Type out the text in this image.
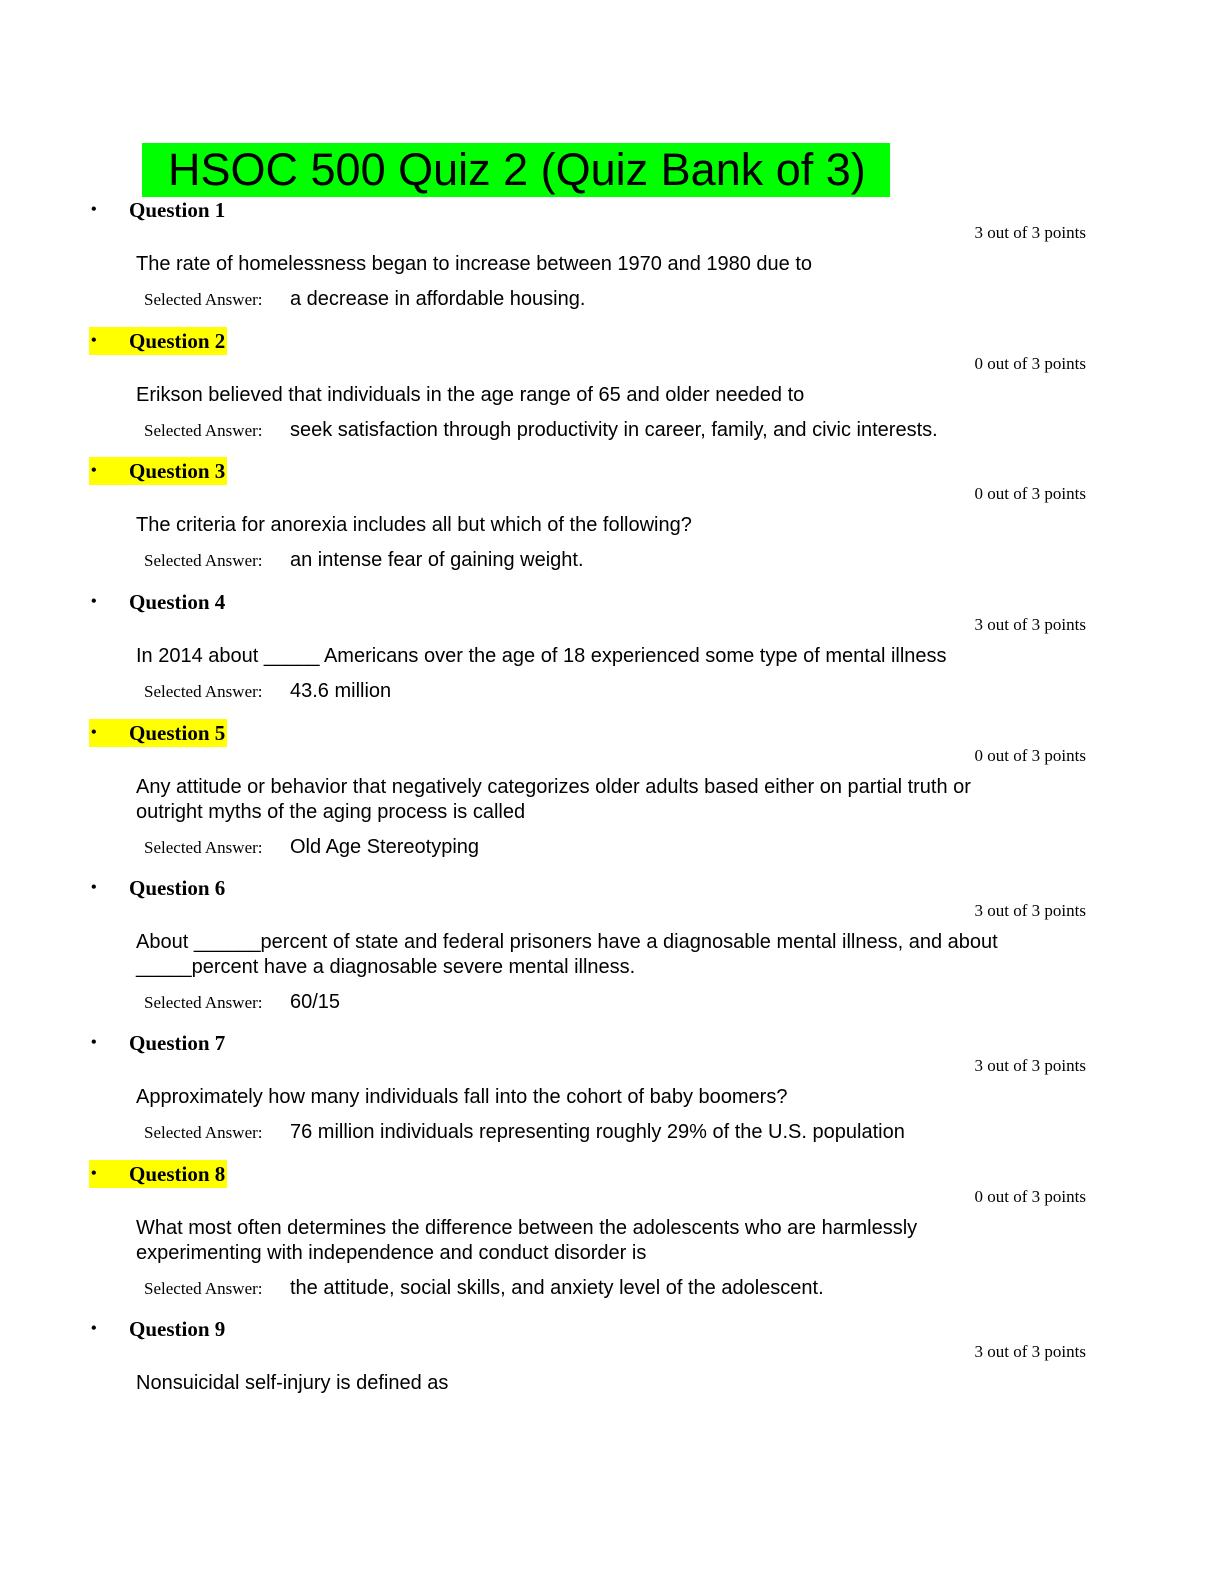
HSOC 500 Quiz 2 (Quiz Bank of 3)
•	Question 1
3 out of 3 points
The rate of homelessness began to increase between 1970 and 1980 due to
Selected Answer: a decrease in affordable housing.
•	Question 2
0 out of 3 points
Erikson believed that individuals in the age range of 65 and older needed to
Selected Answer: seek satisfaction through productivity in career, family, and civic interests.
•	Question 3
0 out of 3 points
The criteria for anorexia includes all but which of the following?
Selected Answer: an intense fear of gaining weight.
•	Question 4
3 out of 3 points
In 2014 about _____ Americans over the age of 18 experienced some type of mental illness
Selected Answer: 43.6 million
•	Question 5
0 out of 3 points
Any attitude or behavior that negatively categorizes older adults based either on partial truth or outright myths of the aging process is called
Selected Answer: Old Age Stereotyping
•	Question 6
3 out of 3 points
About ______percent of state and federal prisoners have a diagnosable mental illness, and about _____percent have a diagnosable severe mental illness.
Selected Answer: 60/15
•	Question 7
3 out of 3 points
Approximately how many individuals fall into the cohort of baby boomers?
Selected Answer: 76 million individuals representing roughly 29% of the U.S. population
•	Question 8
0 out of 3 points
What most often determines the difference between the adolescents who are harmlessly experimenting with independence and conduct disorder is
Selected Answer: the attitude, social skills, and anxiety level of the adolescent.
•	Question 9
3 out of 3 points
Nonsuicidal self-injury is defined as
